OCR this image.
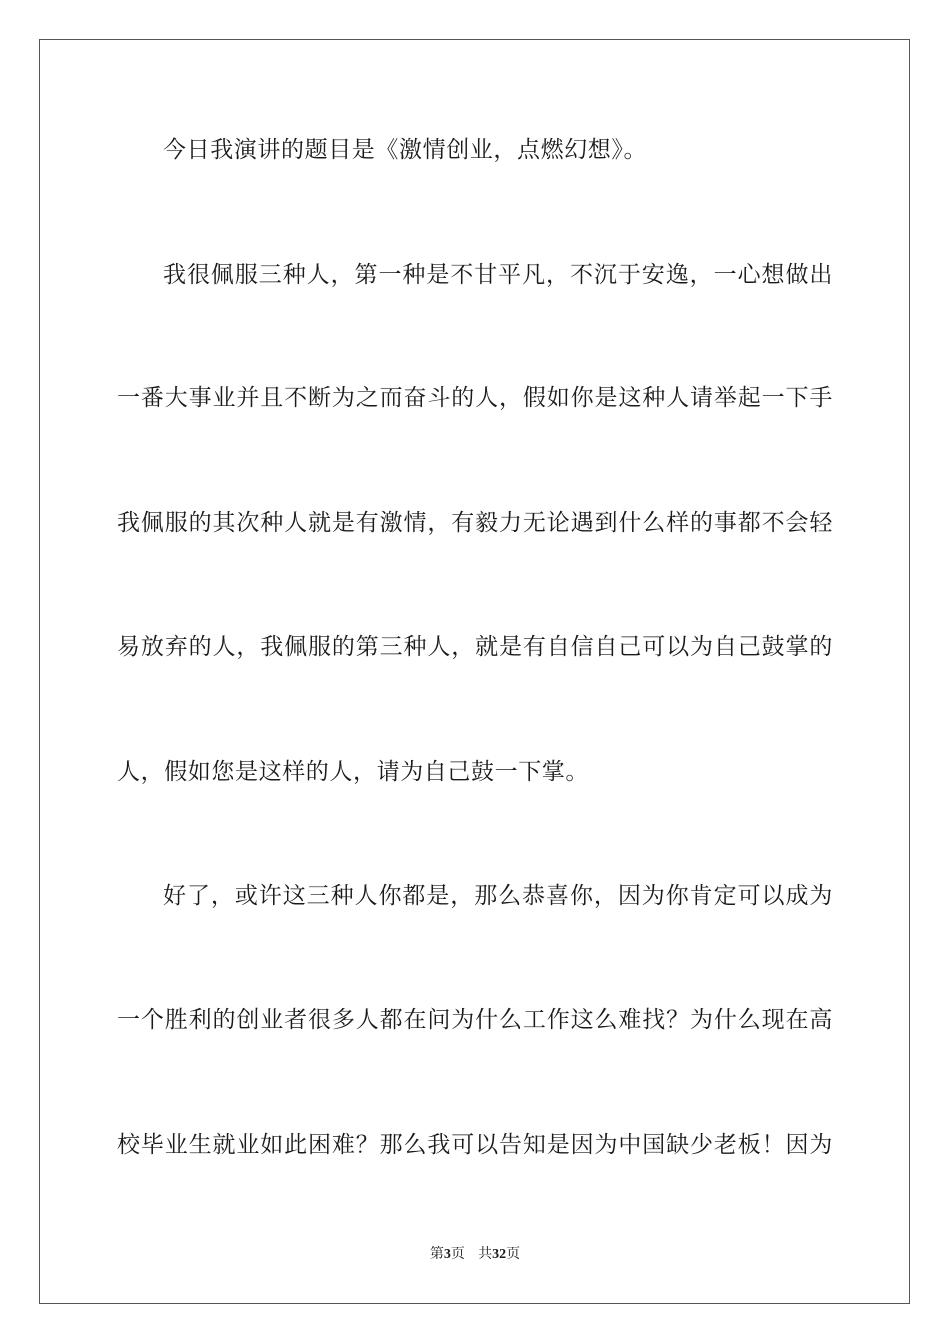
今日我演讲的题目是《激情创业，点燃幻想》。
我很佩服三种人，第一种是不甘平凡，不沉于安逸，一心想做出
一番大事业并且不断为之而奋斗的人，假如你是这种人请举起一下手
我佩服的其次种人就是有激情，有毅力无论遇到什么样的事都不会轻
易放弃的人，我佩服的第三种人，就是有自信自己可以为自己鼓掌的
人，假如您是这样的人，请为自己鼓一下掌。
好了，或许这三种人你都是，那么恭喜你，因为你肯定可以成为
一个胜利的创业者很多人都在问为什么工作这么难找？为什么现在高
校毕业生就业如此困难？那么我可以告知是因为中国缺少老板！因为
第3页 共32页
